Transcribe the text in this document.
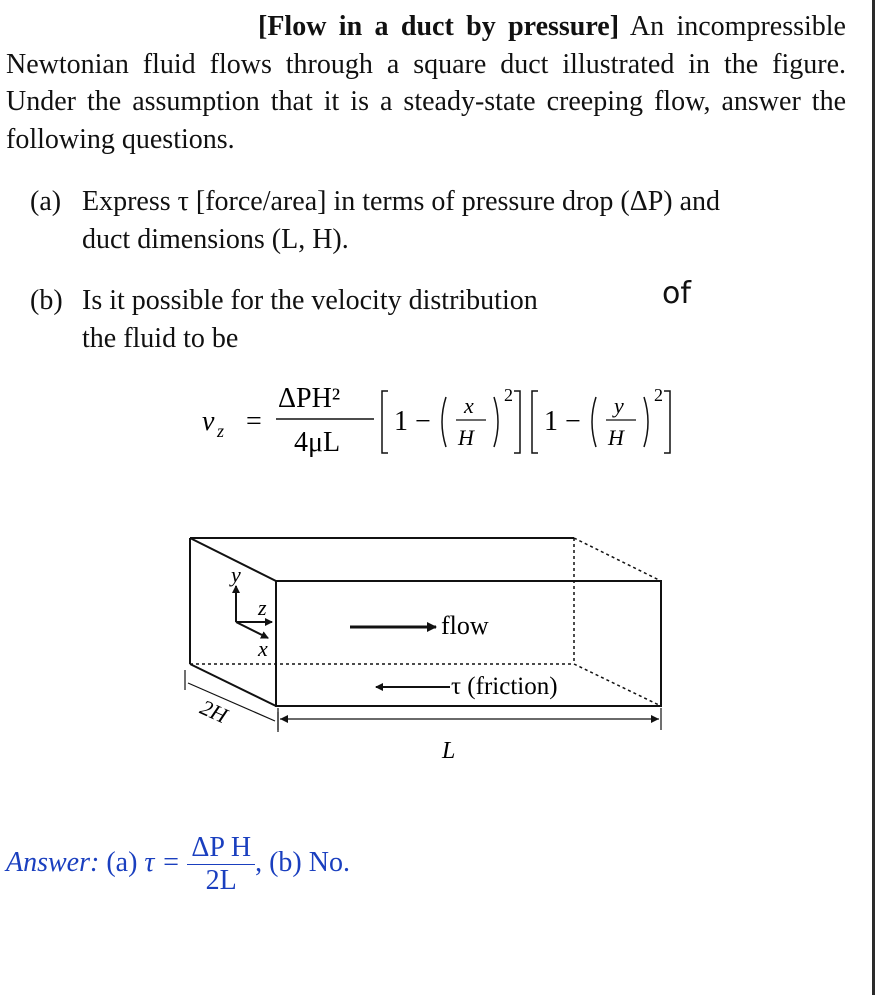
[Flow in a duct by pressure] An incompressible Newtonian fluid flows through a square duct illustrated in the figure. Under the assumption that it is a steady-state creeping flow, answer the following questions.
(a) Express τ [force/area] in terms of pressure drop (ΔP) and
duct dimensions (L, H).
(b) Is it possible for the velocity distribution
the fluid to be
of
v z =
ΔPH²
4μL
1 −
x
H
2
1 −
y
H
2
y
z
x
flow
τ (friction)
2H
L
Answer: (a) $\tau = \frac{\text{ΔP H}}{2L}$ , (b) No.
